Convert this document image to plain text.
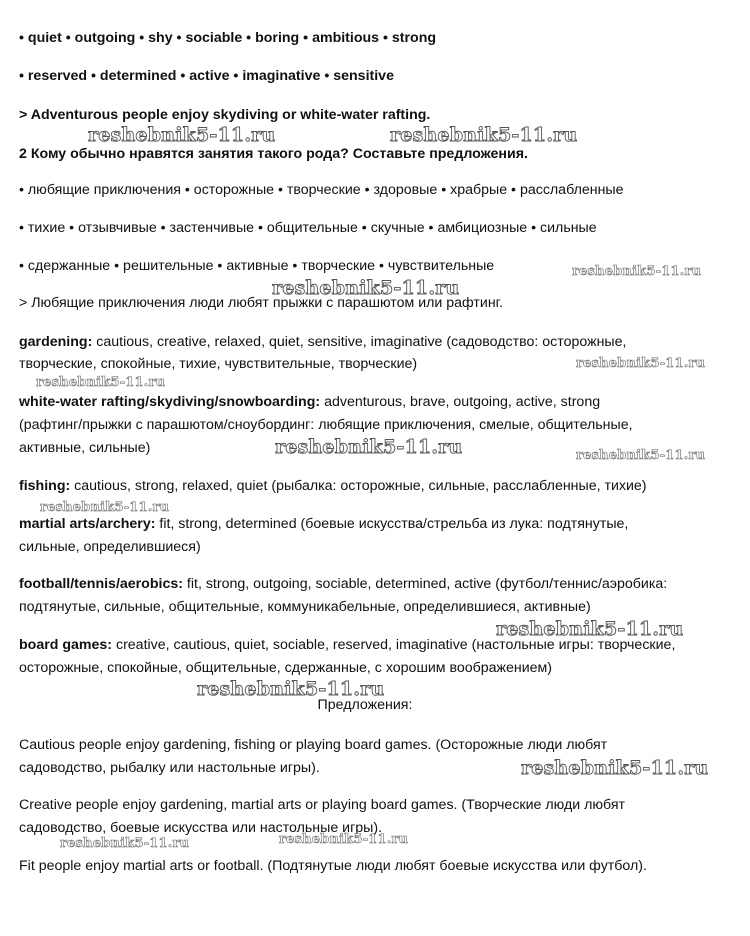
• quiet • outgoing • shy • sociable • boring • ambitious • strong
• reserved • determined • active • imaginative • sensitive
> Adventurous people enjoy skydiving or white-water rafting.
2 Кому обычно нравятся занятия такого рода? Составьте предложения.
• любящие приключения • осторожные • творческие • здоровые • храбрые • расслабленные
• тихие • отзывчивые • застенчивые • общительные • скучные • амбициозные • сильные
• сдержанные • решительные • активные • творческие • чувствительные
> Любящие приключения люди любят прыжки с парашютом или рафтинг.
gardening: cautious, creative, relaxed, quiet, sensitive, imaginative (садоводство: осторожные,
творческие, спокойные, тихие, чувствительные, творческие)
white-water rafting/skydiving/snowboarding: adventurous, brave, outgoing, active, strong
(рафтинг/прыжки с парашютом/сноубординг: любящие приключения, смелые, общительные,
активные, сильные)
fishing: cautious, strong, relaxed, quiet (рыбалка: осторожные, сильные, расслабленные, тихие)
martial arts/archery: fit, strong, determined (боевые искусства/стрельба из лука: подтянутые,
сильные, определившиеся)
football/tennis/aerobics: fit, strong, outgoing, sociable, determined, active (футбол/теннис/аэробика:
подтянутые, сильные, общительные, коммуникабельные, определившиеся, активные)
board games: creative, cautious, quiet, sociable, reserved, imaginative (настольные игры: творческие,
осторожные, спокойные, общительные, сдержанные, с хорошим воображением)
Предложения:
Cautious people enjoy gardening, fishing or playing board games. (Осторожные люди любят
садоводство, рыбалку или настольные игры).
Creative people enjoy gardening, martial arts or playing board games. (Творческие люди любят
садоводство, боевые искусства или настольные игры).
Fit people enjoy martial arts or football. (Подтянутые люди любят боевые искусства или футбол).
reshebnik5-11.ru	reshebnik5-11.ru
reshebnik5-11.ru
reshebnik5-11.ru
reshebnik5-11.ru
reshebnik5-11.ru
reshebnik5-11.ru	reshebnik5-11.ru
reshebnik5-11.ru
reshebnik5-11.ru
reshebnik5-11.ru
reshebnik5-11.ru
reshebnik5-11.ru	reshebnik5-11.ru
